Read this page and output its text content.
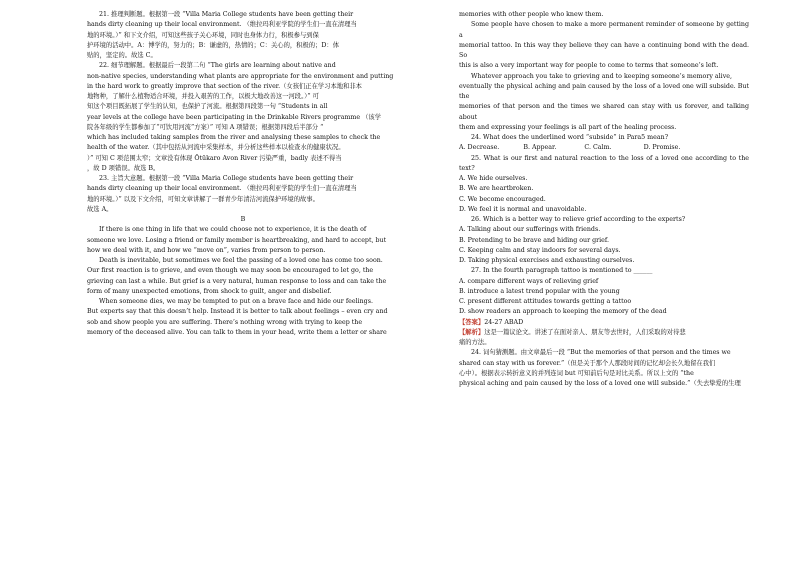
21. 推理判断题。根据第一段 “Villa Maria College students have been getting their

hands dirty cleaning up their local environment. （维拉玛利亚学院的学生们一直在清理当

地的环境。）” 和下文介绍，可知这些孩子关心环境，同时也身体力行，积极参与到保

护环境的活动中。A：博学的，努力的；B：谦虚的，热情的；C：关心的，积极的；D：体

贴的，坚定的。故选 C。

22. 细节理解题。根据最后一段第二句 “The girls are learning about native and

non-native species, understanding what plants are appropriate for the environment and putting

in the hard work to greatly improve that section of the river.（女孩们正在学习本地和非本

地物种，了解什么植物适合环境，并投入艰苦的工作，以极大地改善这一河段。）” 可

知这个项目既拓展了学生的认知，也保护了河流。根据第四段第一句 “Students in all

year levels at the college have been participating in the Drinkable Rivers programme （该学

院各年级的学生都参加了“可饮用河流”方案）” 可知 A 项错误；根据第四段后半部分 “

which has included taking samples from the river and analysing these samples to check the

health of the water.（其中包括从河流中采集样本，并分析这些样本以检查水的健康状况。

）” 可知 C 项范围太窄；文章没有体现 Ōtūkaro Avon River 污染严重，badly 表述不得当

，故 D 项错误。故选 B。

23. 主旨大意题。根据第一段 “Villa Maria College students have been getting their

hands dirty cleaning up their local environment. （维拉玛利亚学院的学生们一直在清理当

地的环境。）” 以及下文介绍，可知文章讲解了一群青少年清洁河流保护环境的故事。

故选 A。

B

If there is one thing in life that we could choose not to experience, it is the death of

someone we love. Losing a friend or family member is heartbreaking, and hard to accept, but

how we deal with it, and how we “move on”, varies from person to person.

Death is inevitable, but sometimes we feel the passing of a loved one has come too soon.

Our first reaction is to grieve, and even though we may soon be encouraged to let go, the

grieving can last a while. But grief is a very natural, human response to loss and can take the

form of many unexpected emotions, from shock to guilt, anger and disbelief.

When someone dies, we may be tempted to put on a brave face and hide our feelings.

But experts say that this doesn’t help. Instead it is better to talk about feelings – even cry and

sob and show people you are suffering. There’s nothing wrong with trying to keep the

memory of the deceased alive. You can talk to them in your head, write them a letter or share

memories with other people who knew them.

Some people have chosen to make a more permanent reminder of someone by getting a

memorial tattoo. In this way they believe they can have a continuing bond with the dead. So

this is also a very important way for people to come to terms that someone’s left.

Whatever approach you take to grieving and to keeping someone’s memory alive,

eventually the physical aching and pain caused by the loss of a loved one will subside. But the

memories of that person and the times we shared can stay with us forever, and talking about

them and expressing your feelings is all part of the healing process.

24. What does the underlined word “subside” in Para5 mean?

A. Decrease.            B. Appear.              C. Calm.                D. Promise.

25. What is our first and natural reaction to the loss of a loved one according to the text?

A. We hide ourselves.

B. We are heartbroken.

C. We become encouraged.

D. We feel it is normal and unavoidable.

26. Which is a better way to relieve grief according to the experts?

A. Talking about our sufferings with friends.

B. Pretending to be brave and hiding our grief.

C. Keeping calm and stay indoors for several days.

D. Taking physical exercises and exhausting ourselves.

27. In the fourth paragraph tattoo is mentioned to ______

A. compare different ways of relieving grief

B. introduce a latest trend popular with the young

C. present different attitudes towards getting a tattoo

D. show readers an approach to keeping the memory of the dead

【答案】24-27 ABAD

【解析】这是一篇议论文。讲述了在面对亲人、朋友等去世时，人们采取的对待悲

痛的方法。

24. 词句猜测题。由文章最后一段 “But the memories of that person and the times we

shared can stay with us forever.”（但是关于那个人那段时间的记忆却会长久地留在我们

心中）。根据表示转折意义的并列连词 but 可知前后句是对比关系。所以上文的 “the

physical aching and pain caused by the loss of a loved one will subside.”（失去挚爱的生理
